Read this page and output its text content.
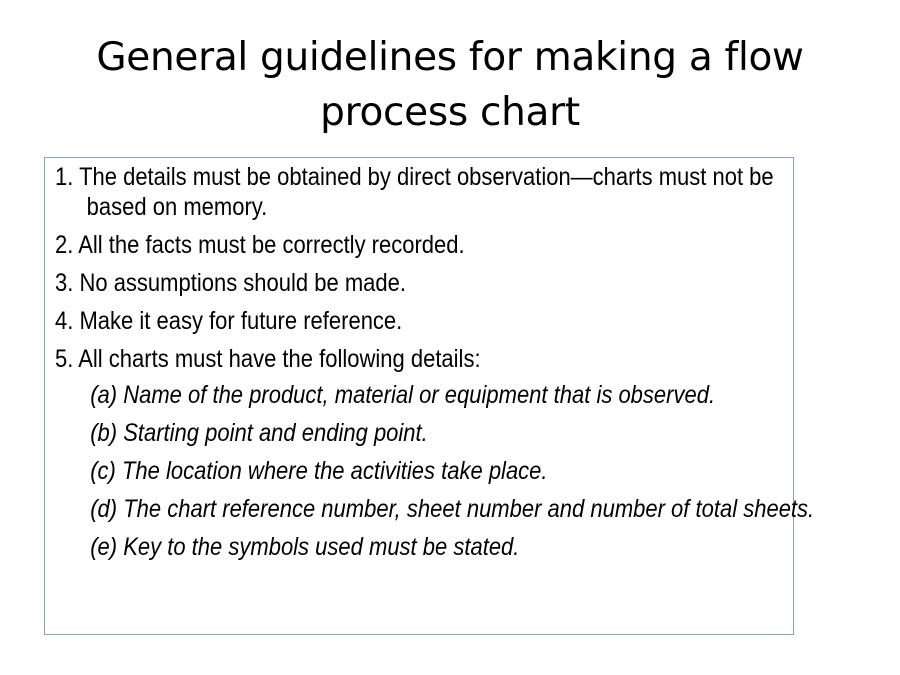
General guidelines for making a flow process chart
1. The details must be obtained by direct observation—charts must not be based on memory.
2. All the facts must be correctly recorded.
3. No assumptions should be made.
4. Make it easy for future reference.
5. All charts must have the following details:
(a) Name of the product, material or equipment that is observed.
(b) Starting point and ending point.
(c) The location where the activities take place.
(d) The chart reference number, sheet number and number of total sheets.
(e) Key to the symbols used must be stated.
